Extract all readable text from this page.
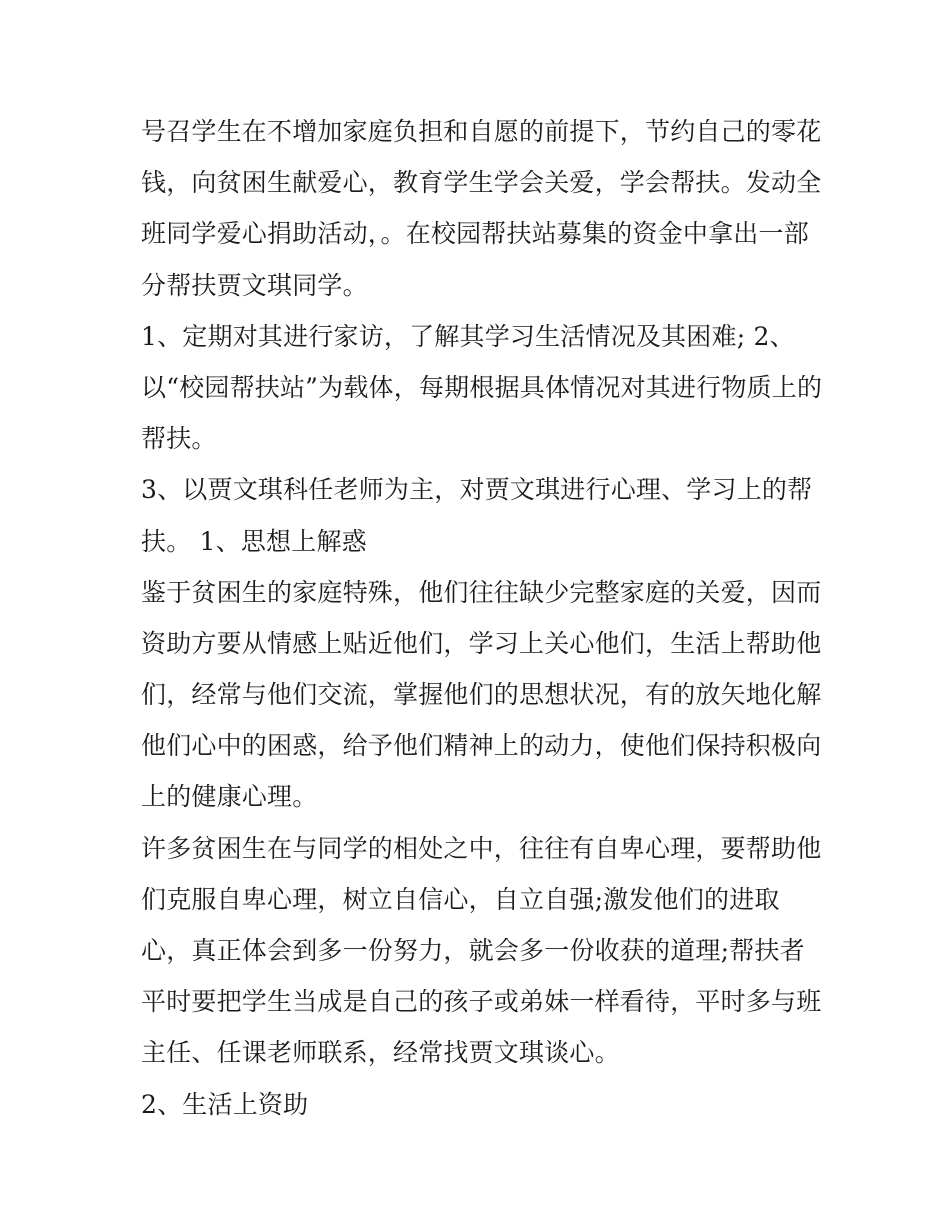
号召学生在不增加家庭负担和自愿的前提下，节约自己的零花
钱，向贫困生献爱心，教育学生学会关爱，学会帮扶。发动全
班同学爱心捐助活动，。在校园帮扶站募集的资金中拿出一部
分帮扶贾文琪同学。
1、定期对其进行家访，了解其学习生活情况及其困难; 2、
以“校园帮扶站”为载体，每期根据具体情况对其进行物质上的
帮扶。
3、以贾文琪科任老师为主，对贾文琪进行心理、学习上的帮
扶。 1、思想上解惑
鉴于贫困生的家庭特殊，他们往往缺少完整家庭的关爱，因而
资助方要从情感上贴近他们，学习上关心他们，生活上帮助他
们，经常与他们交流，掌握他们的思想状况，有的放矢地化解
他们心中的困惑，给予他们精神上的动力，使他们保持积极向
上的健康心理。
许多贫困生在与同学的相处之中，往往有自卑心理，要帮助他
们克服自卑心理，树立自信心，自立自强;激发他们的进取
心，真正体会到多一份努力，就会多一份收获的道理;帮扶者
平时要把学生当成是自己的孩子或弟妹一样看待，平时多与班
主任、任课老师联系，经常找贾文琪谈心。
2、生活上资助
